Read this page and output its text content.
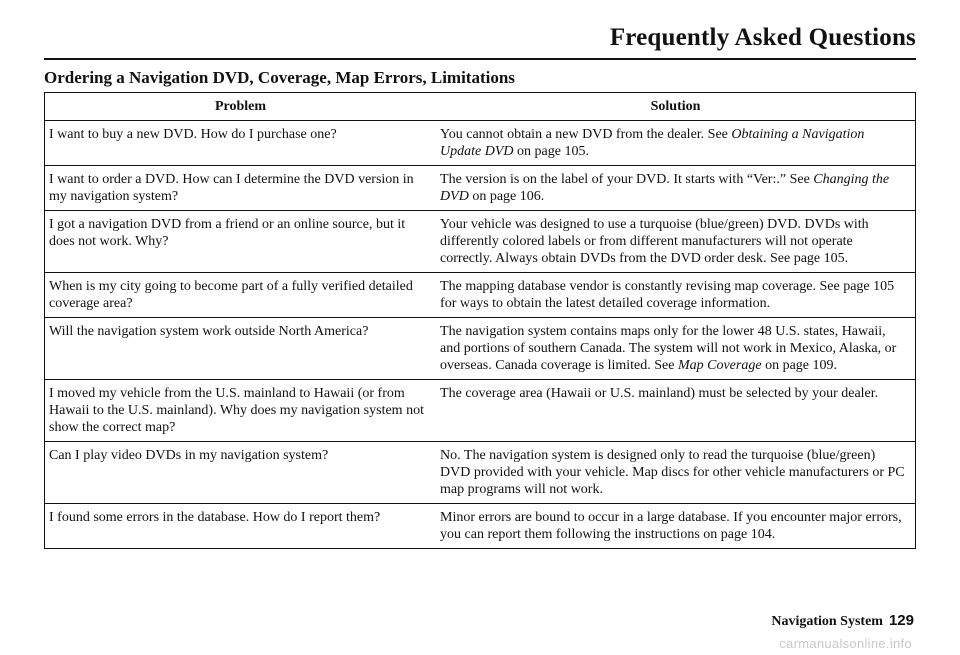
Frequently Asked Questions
Ordering a Navigation DVD, Coverage, Map Errors, Limitations
Problem	Solution
I want to buy a new DVD. How do I purchase one?	You cannot obtain a new DVD from the dealer. See Obtaining a Navigation Update DVD on page 105.
I want to order a DVD. How can I determine the DVD version in my navigation system?	The version is on the label of your DVD. It starts with “Ver:.” See Changing the DVD on page 106.
I got a navigation DVD from a friend or an online source, but it does not work. Why?	Your vehicle was designed to use a turquoise (blue/green) DVD. DVDs with differently colored labels or from different manufacturers will not operate correctly. Always obtain DVDs from the DVD order desk. See page 105.
When is my city going to become part of a fully verified detailed coverage area?	The mapping database vendor is constantly revising map coverage. See page 105 for ways to obtain the latest detailed coverage information.
Will the navigation system work outside North America?	The navigation system contains maps only for the lower 48 U.S. states, Hawaii, and portions of southern Canada. The system will not work in Mexico, Alaska, or overseas. Canada coverage is limited. See Map Coverage on page 109.
I moved my vehicle from the U.S. mainland to Hawaii (or from Hawaii to the U.S. mainland). Why does my navigation system not show the correct map?	The coverage area (Hawaii or U.S. mainland) must be selected by your dealer.
Can I play video DVDs in my navigation system?	No. The navigation system is designed only to read the turquoise (blue/green) DVD provided with your vehicle. Map discs for other vehicle manufacturers or PC map programs will not work.
I found some errors in the database. How do I report them?	Minor errors are bound to occur in a large database. If you encounter major errors, you can report them following the instructions on page 104.
Navigation System 129
carmanualsonline.info
